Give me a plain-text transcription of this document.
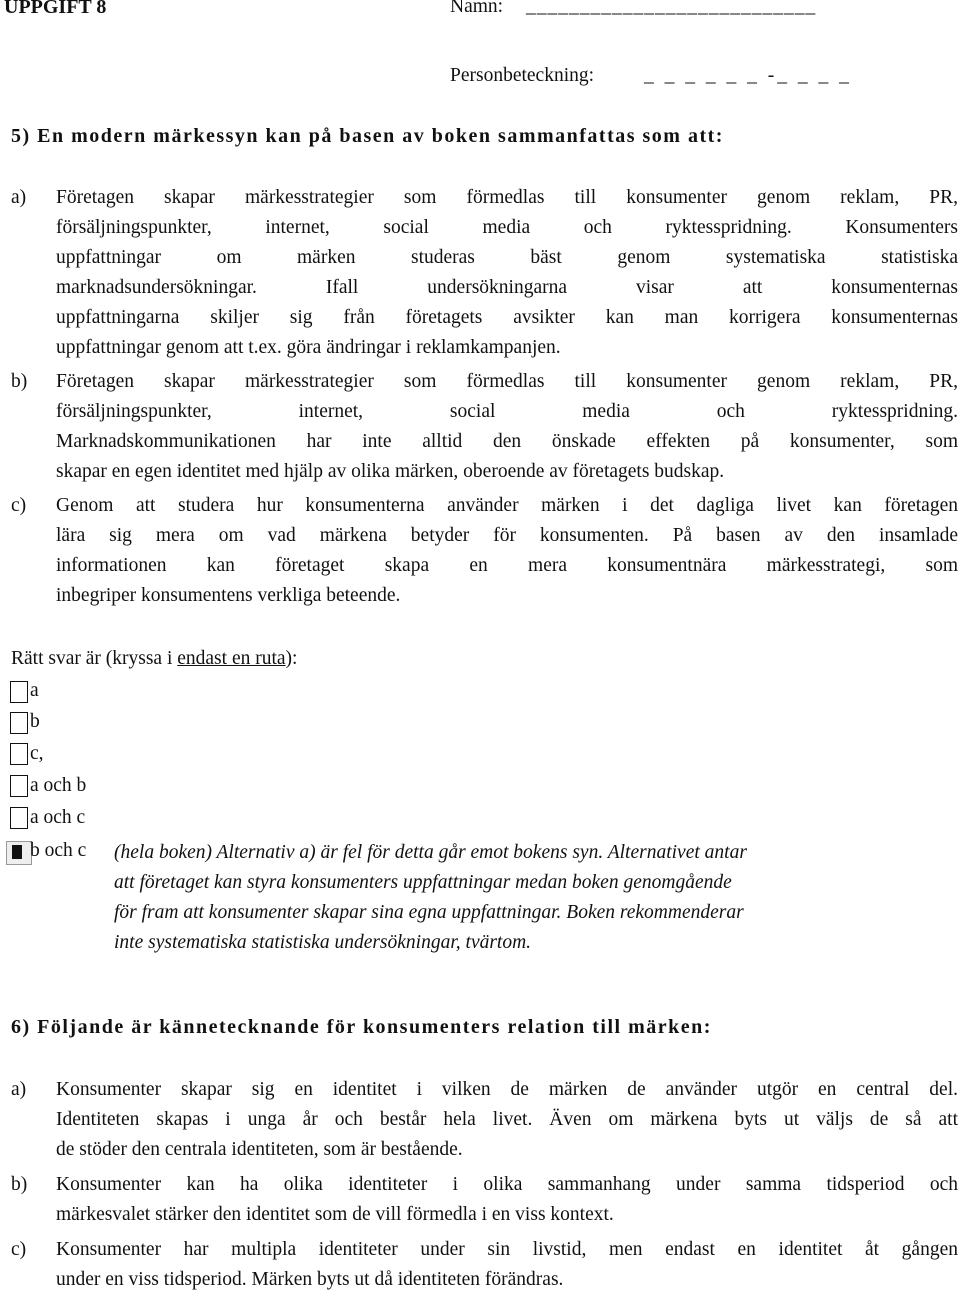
UPPGIFT 8	Namn: ___________________________
Personbeteckning:	_ _ _ _ _ _ -_ _ _ _
5) En modern märkessyn kan på basen av boken sammanfattas som att:
a) Företagen skapar märkesstrategier som förmedlas till konsumenter genom reklam, PR,
försäljningspunkter, internet, social media och ryktesspridning. Konsumenters
uppfattningar om märken studeras bäst genom systematiska statistiska
marknadsundersökningar. Ifall undersökningarna visar att konsumenternas
uppfattningarna skiljer sig från företagets avsikter kan man korrigera konsumenternas
uppfattningar genom att t.ex. göra ändringar i reklamkampanjen.
b) Företagen skapar märkesstrategier som förmedlas till konsumenter genom reklam, PR,
försäljningspunkter, internet, social media och ryktesspridning.
Marknadskommunikationen har inte alltid den önskade effekten på konsumenter, som
skapar en egen identitet med hjälp av olika märken, oberoende av företagets budskap.
c) Genom att studera hur konsumenterna använder märken i det dagliga livet kan företagen
lära sig mera om vad märkena betyder för konsumenten. På basen av den insamlade
informationen kan företaget skapa en mera konsumentnära märkesstrategi, som
inbegriper konsumentens verkliga beteende.
Rätt svar är (kryssa i endast en ruta):
a
b
c,
a och b
a och c
b och c (hela boken) Alternativ a) är fel för detta går emot bokens syn. Alternativet antar
att företaget kan styra konsumenters uppfattningar medan boken genomgående
för fram att konsumenter skapar sina egna uppfattningar. Boken rekommenderar
inte systematiska statistiska undersökningar, tvärtom.
6) Följande är kännetecknande för konsumenters relation till märken:
a) Konsumenter skapar sig en identitet i vilken de märken de använder utgör en central del.
Identiteten skapas i unga år och består hela livet. Även om märkena byts ut väljs de så att
de stöder den centrala identiteten, som är bestående.
b) Konsumenter kan ha olika identiteter i olika sammanhang under samma tidsperiod och
märkesvalet stärker den identitet som de vill förmedla i en viss kontext.
c) Konsumenter har multipla identiteter under sin livstid, men endast en identitet åt gången
under en viss tidsperiod. Märken byts ut då identiteten förändras.
